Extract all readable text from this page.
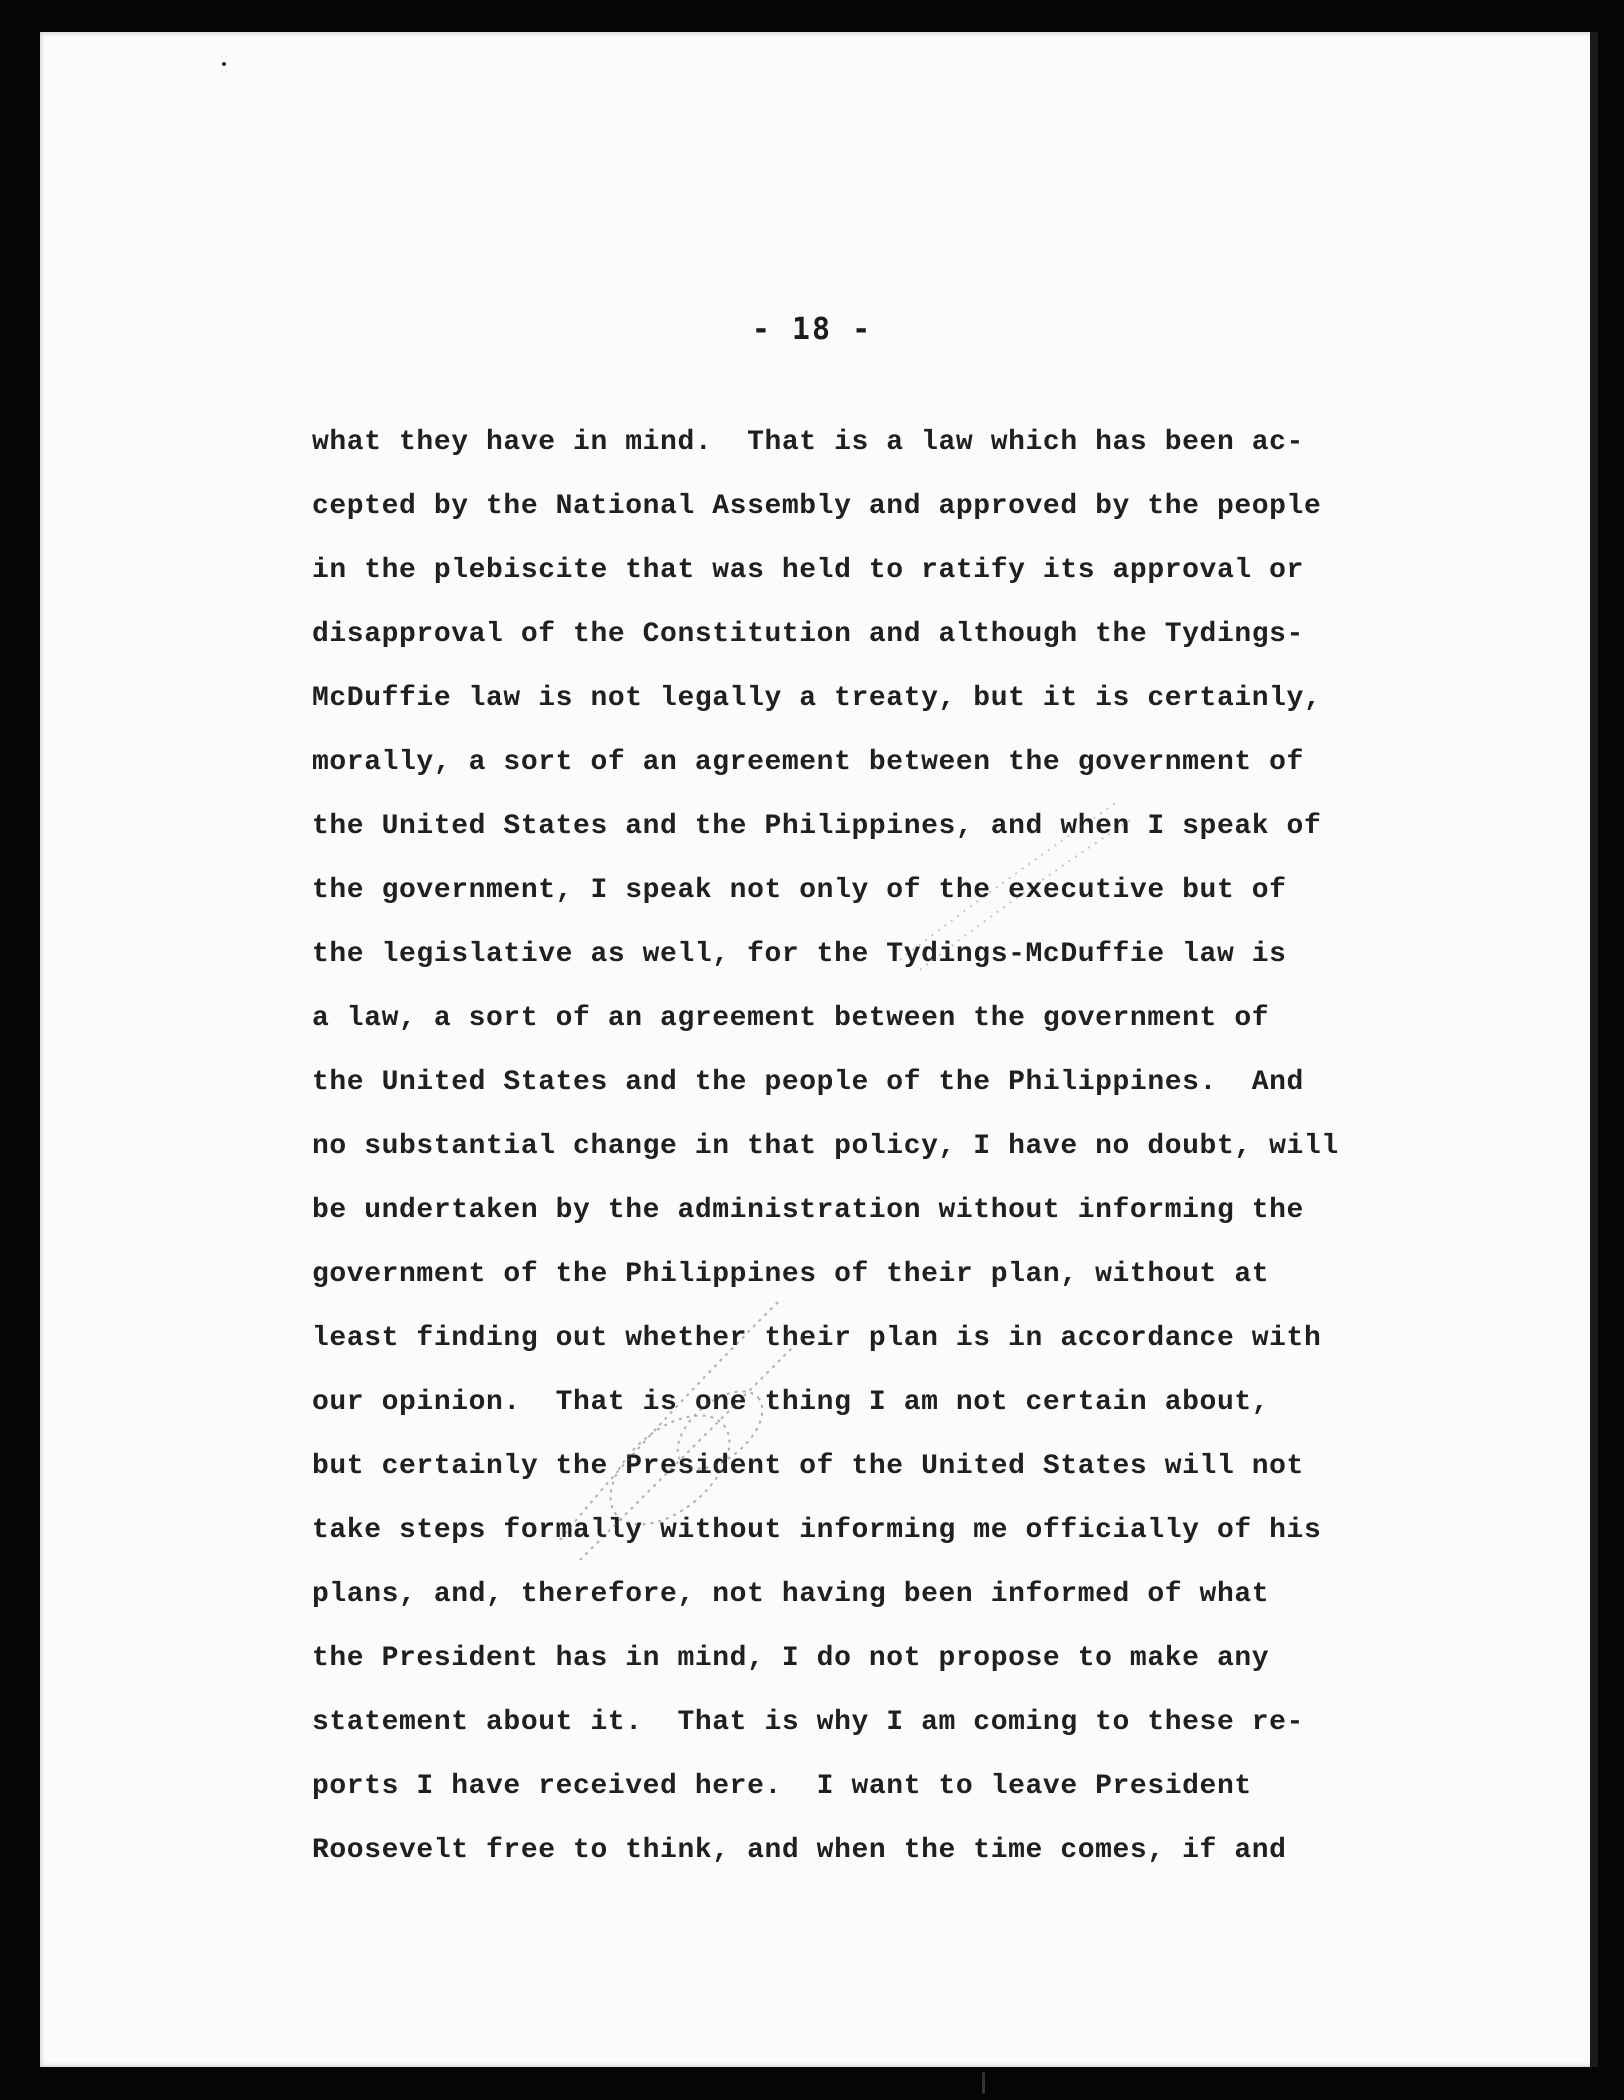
- 18 -
what they have in mind.  That is a law which has been ac-
cepted by the National Assembly and approved by the people
in the plebiscite that was held to ratify its approval or
disapproval of the Constitution and although the Tydings-
McDuffie law is not legally a treaty, but it is certainly,
morally, a sort of an agreement between the government of
the United States and the Philippines, and when I speak of
the government, I speak not only of the executive but of
the legislative as well, for the Tydings-McDuffie law is
a law, a sort of an agreement between the government of
the United States and the people of the Philippines.  And
no substantial change in that policy, I have no doubt, will
be undertaken by the administration without informing the
government of the Philippines of their plan, without at
least finding out whether their plan is in accordance with
our opinion.  That is one thing I am not certain about,
but certainly the President of the United States will not
take steps formally without informing me officially of his
plans, and, therefore, not having been informed of what
the President has in mind, I do not propose to make any
statement about it.  That is why I am coming to these re-
ports I have received here.  I want to leave President
Roosevelt free to think, and when the time comes, if and
